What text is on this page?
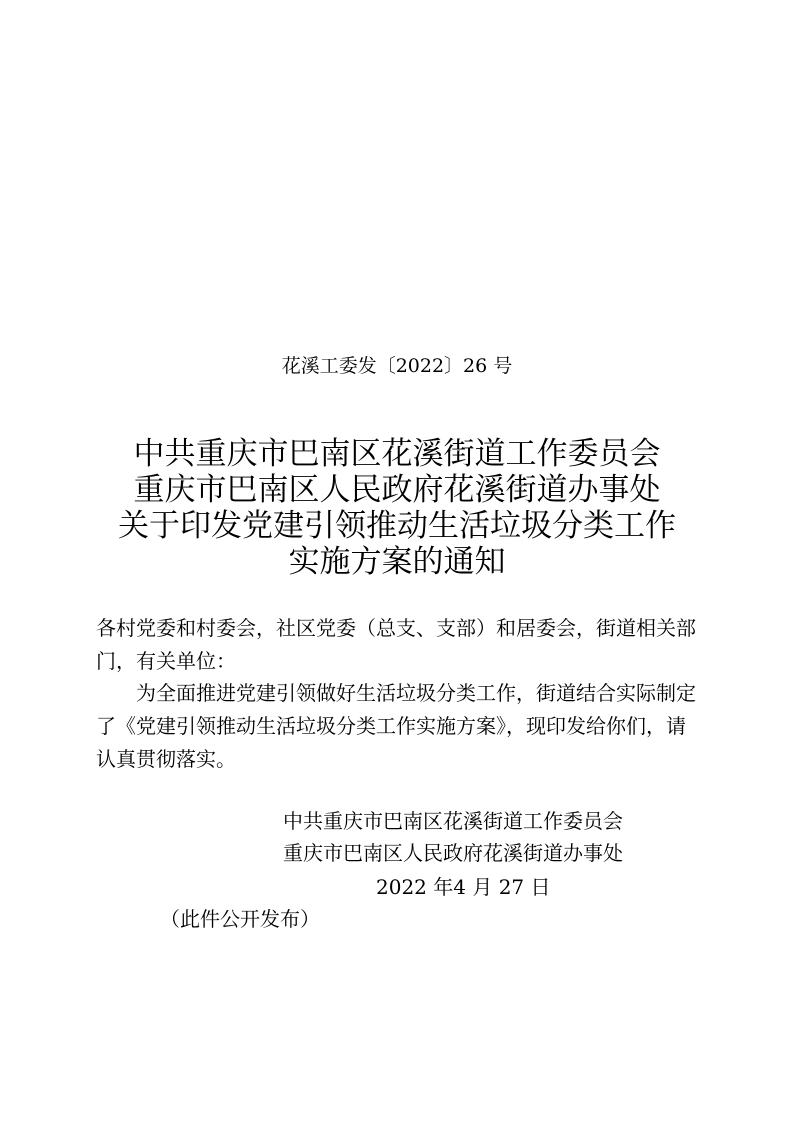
花溪工委发〔2022〕26 号
中共重庆市巴南区花溪街道工作委员会
重庆市巴南区人民政府花溪街道办事处
关于印发党建引领推动生活垃圾分类工作
实施方案的通知
各村党委和村委会，社区党委（总支、支部）和居委会，街道相关部门，有关单位：
为全面推进党建引领做好生活垃圾分类工作，街道结合实际制定了《党建引领推动生活垃圾分类工作实施方案》，现印发给你们，请认真贯彻落实。
中共重庆市巴南区花溪街道工作委员会
重庆市巴南区人民政府花溪街道办事处
2022 年4 月 27 日
（此件公开发布）
